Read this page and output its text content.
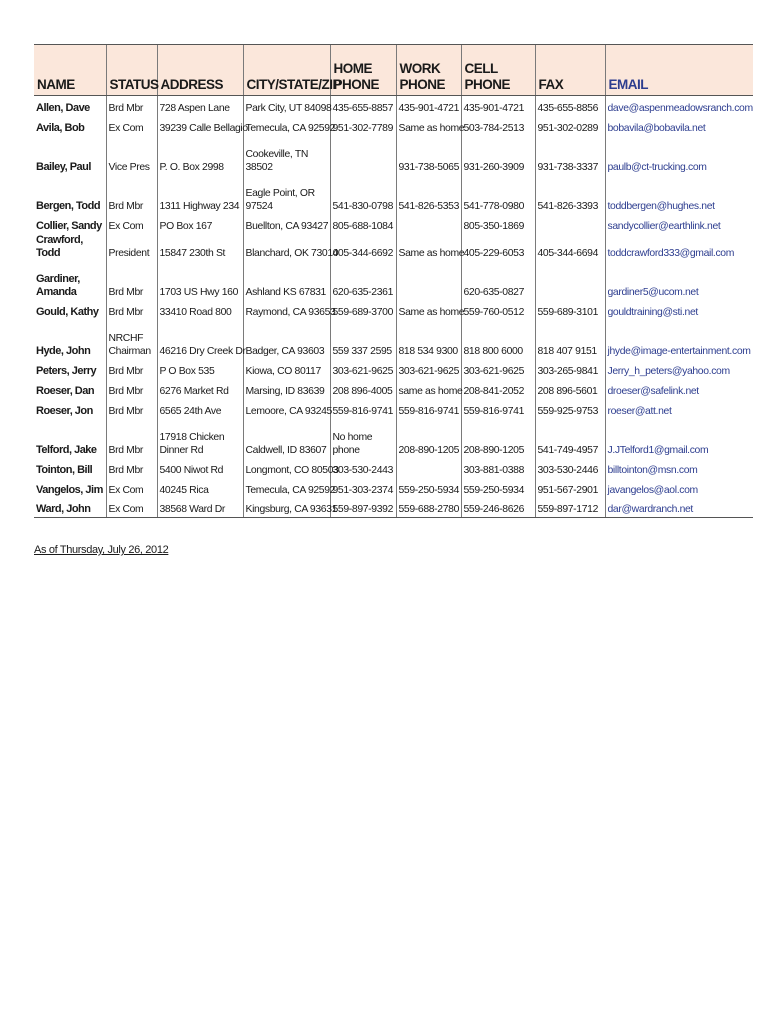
NAME	STATUS	ADDRESS	CITY/STATE/ZIP	HOME PHONE	WORK PHONE	CELL PHONE	FAX	EMAIL
Allen, Dave	Brd Mbr	728 Aspen Lane	Park City, UT 84098	435-655-8857	435-901-4721	435-901-4721	435-655-8856	dave@aspenmeadowsranch.com
Avila, Bob	Ex Com	39239 Calle Bellagio	Temecula, CA 92592	951-302-7789	Same as home	503-784-2513	951-302-0289	bobavila@bobavila.net
Bailey, Paul	Vice Pres	P. O. Box 2998	Cookeville, TN 38502		931-738-5065	931-260-3909	931-738-3337	paulb@ct-trucking.com
Bergen, Todd	Brd Mbr	1311 Highway 234	Eagle Point, OR 97524	541-830-0798	541-826-5353	541-778-0980	541-826-3393	toddbergen@hughes.net
Collier, Sandy	Ex Com	PO Box 167	Buellton, CA 93427	805-688-1084		805-350-1869		sandycollier@earthlink.net
Crawford, Todd	President	15847 230th St	Blanchard, OK 73010	405-344-6692	Same as home	405-229-6053	405-344-6694	toddcrawford333@gmail.com
Gardiner, Amanda	Brd Mbr	1703 US Hwy 160	Ashland KS 67831	620-635-2361		620-635-0827		gardiner5@ucom.net
Gould, Kathy	Brd Mbr	33410 Road 800	Raymond, CA 93653	559-689-3700	Same as home	559-760-0512	559-689-3101	gouldtraining@sti.net
Hyde, John	NRCHF Chairman	46216 Dry Creek Dr	Badger, CA 93603	559 337 2595	818 534 9300	818 800 6000	818 407 9151	jhyde@image-entertainment.com
Peters, Jerry	Brd Mbr	P O Box 535	Kiowa, CO 80117	303-621-9625	303-621-9625	303-621-9625	303-265-9841	Jerry_h_peters@yahoo.com
Roeser, Dan	Brd Mbr	6276 Market Rd	Marsing, ID 83639	208 896-4005	same as home	208-841-2052	208 896-5601	droeser@safelink.net
Roeser, Jon	Brd Mbr	6565 24th Ave	Lemoore, CA 93245	559-816-9741	559-816-9741	559-816-9741	559-925-9753	roeser@att.net
Telford, Jake	Brd Mbr	17918 Chicken Dinner Rd	Caldwell, ID 83607	No home phone	208-890-1205	208-890-1205	541-749-4957	J.JTelford1@gmail.com
Tointon, Bill	Brd Mbr	5400 Niwot Rd	Longmont, CO 80503	303-530-2443		303-881-0388	303-530-2446	billtointon@msn.com
Vangelos, Jim	Ex Com	40245 Rica	Temecula, CA 92592	951-303-2374	559-250-5934	559-250-5934	951-567-2901	javangelos@aol.com
Ward, John	Ex Com	38568 Ward Dr	Kingsburg, CA 93631	559-897-9392	559-688-2780	559-246-8626	559-897-1712	dar@wardranch.net
As of Thursday, July 26, 2012
